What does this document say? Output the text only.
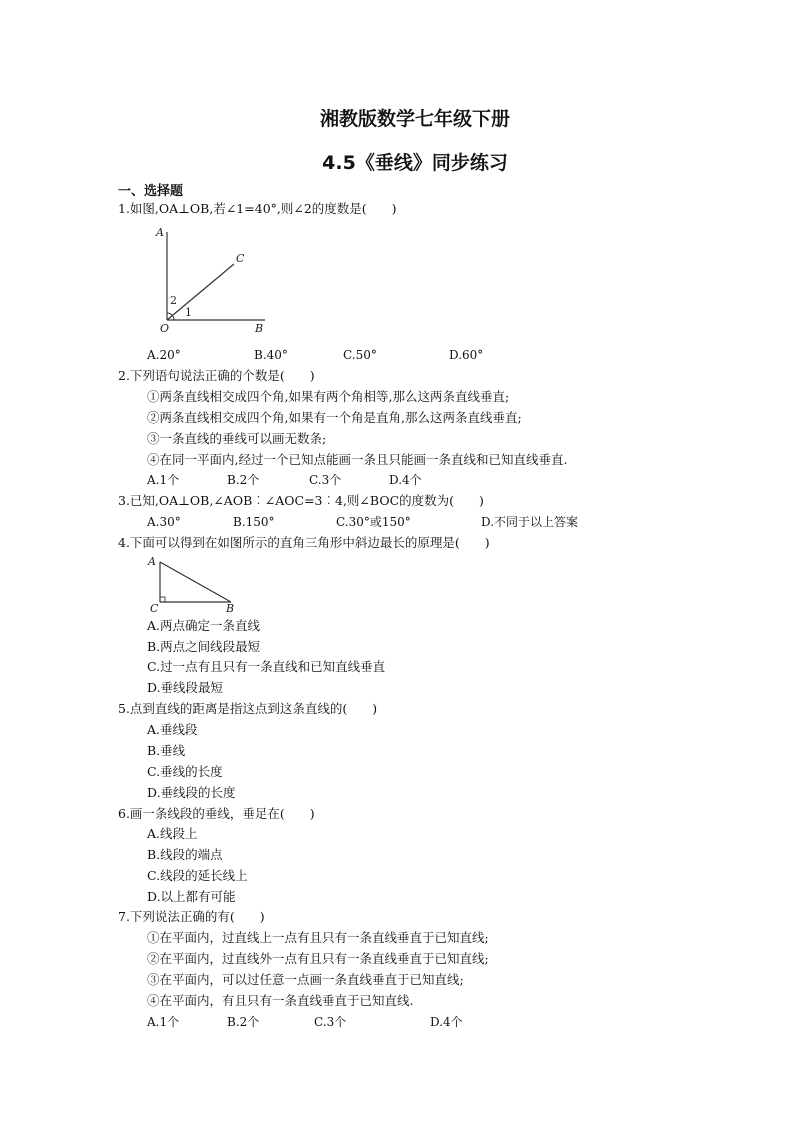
湘教版数学七年级下册
4.5《垂线》同步练习
一、选择题
1.如图,OA⊥OB,若∠1=40°,则∠2的度数是(　　)
A
C
O	B
2
1
A.20°	B.40°	C.50°	D.60°
2.下列语句说法正确的个数是(　　)
①两条直线相交成四个角,如果有两个角相等,那么这两条直线垂直;
②两条直线相交成四个角,如果有一个角是直角,那么这两条直线垂直;
③一条直线的垂线可以画无数条;
④在同一平面内,经过一个已知点能画一条且只能画一条直线和已知直线垂直.
A.1个	B.2个	C.3个	D.4个
3.已知,OA⊥OB,∠AOB︰∠AOC=3︰4,则∠BOC的度数为(　　)
A.30°	B.150°	C.30°或150°	D.不同于以上答案
4.下面可以得到在如图所示的直角三角形中斜边最长的原理是(　　)
A
C	B
A.两点确定一条直线
B.两点之间线段最短
C.过一点有且只有一条直线和已知直线垂直
D.垂线段最短
5.点到直线的距离是指这点到这条直线的(　　)
A.垂线段
B.垂线
C.垂线的长度
D.垂线段的长度
6.画一条线段的垂线，垂足在(　　)
A.线段上
B.线段的端点
C.线段的延长线上
D.以上都有可能
7.下列说法正确的有(　　)
①在平面内，过直线上一点有且只有一条直线垂直于已知直线;
②在平面内，过直线外一点有且只有一条直线垂直于已知直线;
③在平面内，可以过任意一点画一条直线垂直于已知直线;
④在平面内，有且只有一条直线垂直于已知直线.
A.1个	B.2个	C.3个	D.4个
